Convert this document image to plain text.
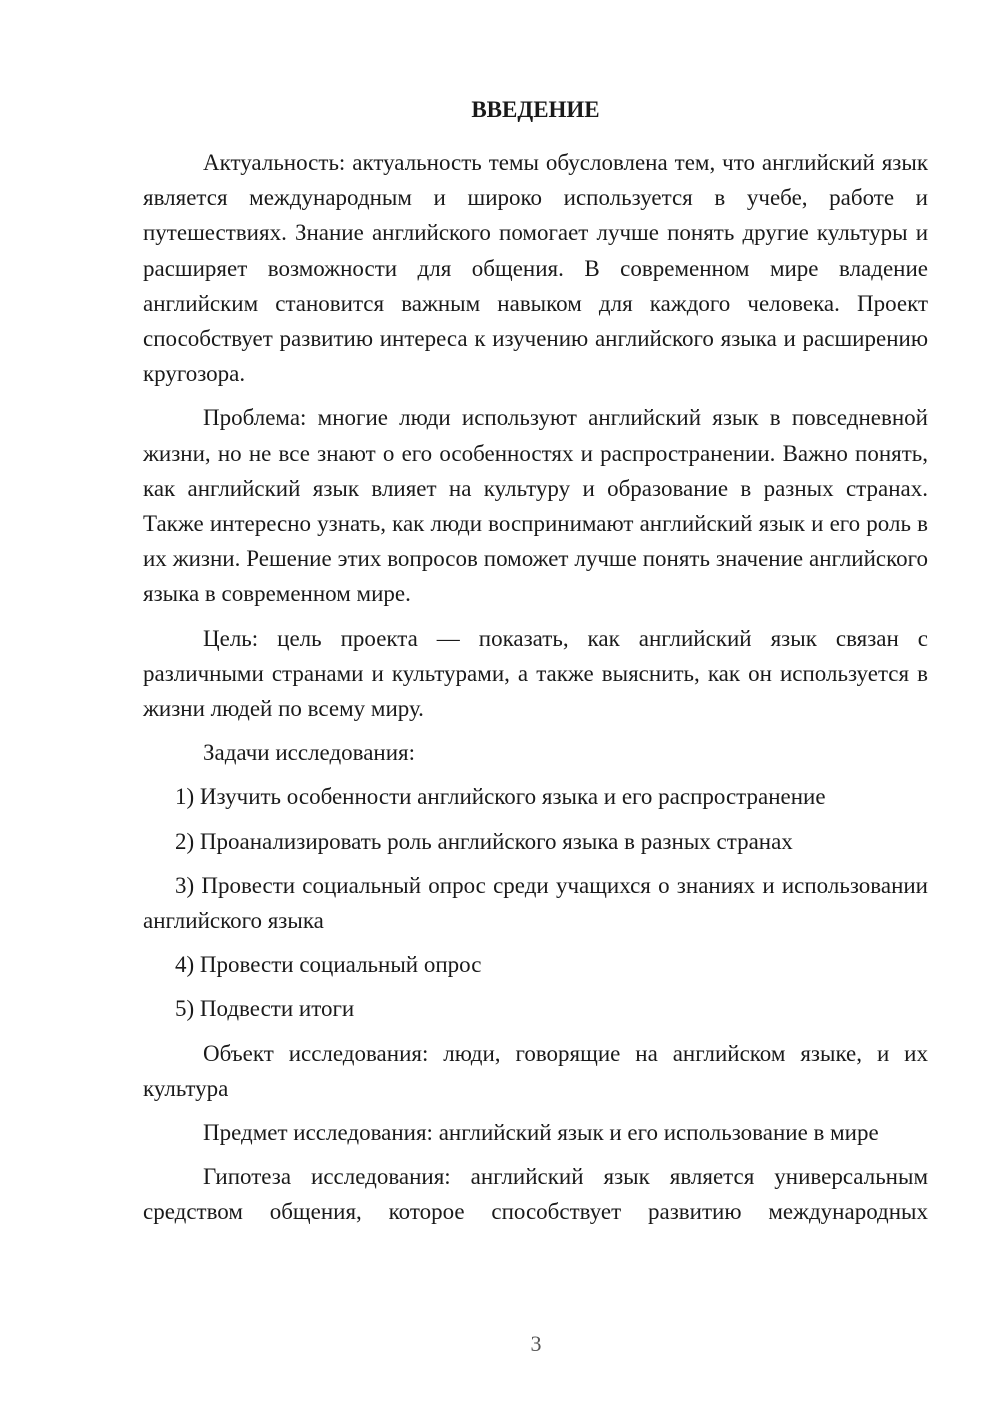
ВВЕДЕНИЕ

Актуальность: актуальность темы обусловлена тем, что английский язык является международным и широко используется в учебе, работе и путешествиях. Знание английского помогает лучше понять другие культуры и расширяет возможности для общения. В современном мире владение английским становится важным навыком для каждого человека. Проект способствует развитию интереса к изучению английского языка и расширению кругозора.

Проблема: многие люди используют английский язык в повседневной жизни, но не все знают о его особенностях и распространении. Важно понять, как английский язык влияет на культуру и образование в разных странах. Также интересно узнать, как люди воспринимают английский язык и его роль в их жизни. Решение этих вопросов поможет лучше понять значение английского языка в современном мире.

Цель: цель проекта — показать, как английский язык связан с различными странами и культурами, а также выяснить, как он используется в жизни людей по всему миру.

Задачи исследования:

1) Изучить особенности английского языка и его распространение

2) Проанализировать роль английского языка в разных странах

3) Провести социальный опрос среди учащихся о знаниях и использовании английского языка

4) Провести социальный опрос

5) Подвести итоги

Объект исследования: люди, говорящие на английском языке, и их культура

Предмет исследования: английский язык и его использование в мире

Гипотеза исследования: английский язык является универсальным средством общения, которое способствует развитию международных

3
